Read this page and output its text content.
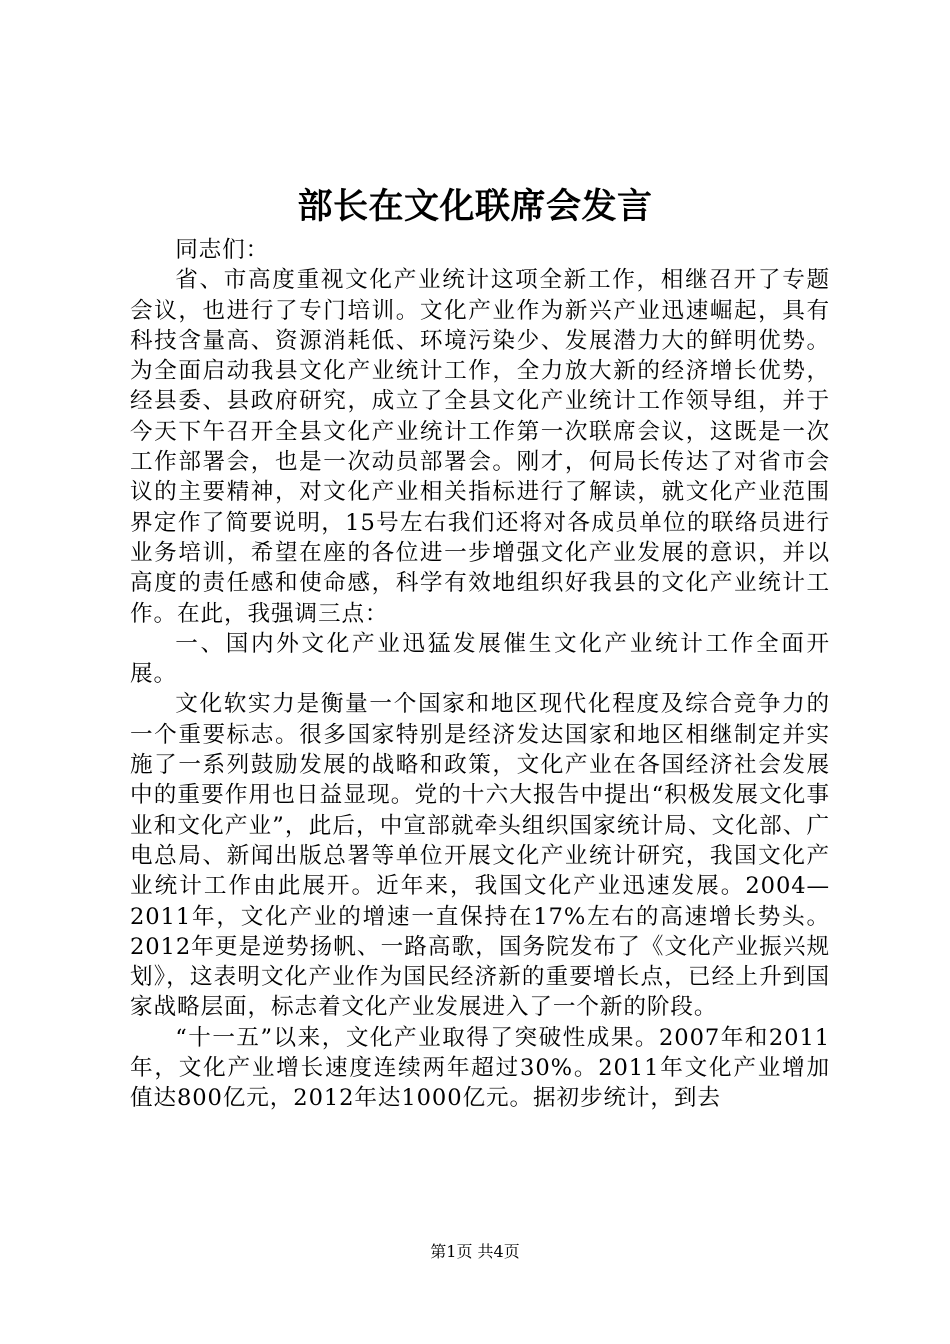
部长在文化联席会发言

同志们：

省、市高度重视文化产业统计这项全新工作，相继召开了专题会议，也进行了专门培训。文化产业作为新兴产业迅速崛起，具有科技含量高、资源消耗低、环境污染少、发展潜力大的鲜明优势。为全面启动我县文化产业统计工作，全力放大新的经济增长优势，经县委、县政府研究，成立了全县文化产业统计工作领导组，并于今天下午召开全县文化产业统计工作第一次联席会议，这既是一次工作部署会，也是一次动员部署会。刚才，何局长传达了对省市会议的主要精神，对文化产业相关指标进行了解读，就文化产业范围界定作了简要说明，15号左右我们还将对各成员单位的联络员进行业务培训，希望在座的各位进一步增强文化产业发展的意识，并以高度的责任感和使命感，科学有效地组织好我县的文化产业统计工作。在此，我强调三点：

一、国内外文化产业迅猛发展催生文化产业统计工作全面开展。

文化软实力是衡量一个国家和地区现代化程度及综合竞争力的一个重要标志。很多国家特别是经济发达国家和地区相继制定并实施了一系列鼓励发展的战略和政策，文化产业在各国经济社会发展中的重要作用也日益显现。党的十六大报告中提出“积极发展文化事业和文化产业”，此后，中宣部就牵头组织国家统计局、文化部、广电总局、新闻出版总署等单位开展文化产业统计研究，我国文化产业统计工作由此展开。近年来，我国文化产业迅速发展。2004—2011年，文化产业的增速一直保持在17%左右的高速增长势头。2012年更是逆势扬帆、一路高歌，国务院发布了《文化产业振兴规划》，这表明文化产业作为国民经济新的重要增长点，已经上升到国家战略层面，标志着文化产业发展进入了一个新的阶段。

“十一五”以来，文化产业取得了突破性成果。2007年和2011年，文化产业增长速度连续两年超过30%。2011年文化产业增加值达800亿元，2012年达1000亿元。据初步统计，到去

第1页 共4页
